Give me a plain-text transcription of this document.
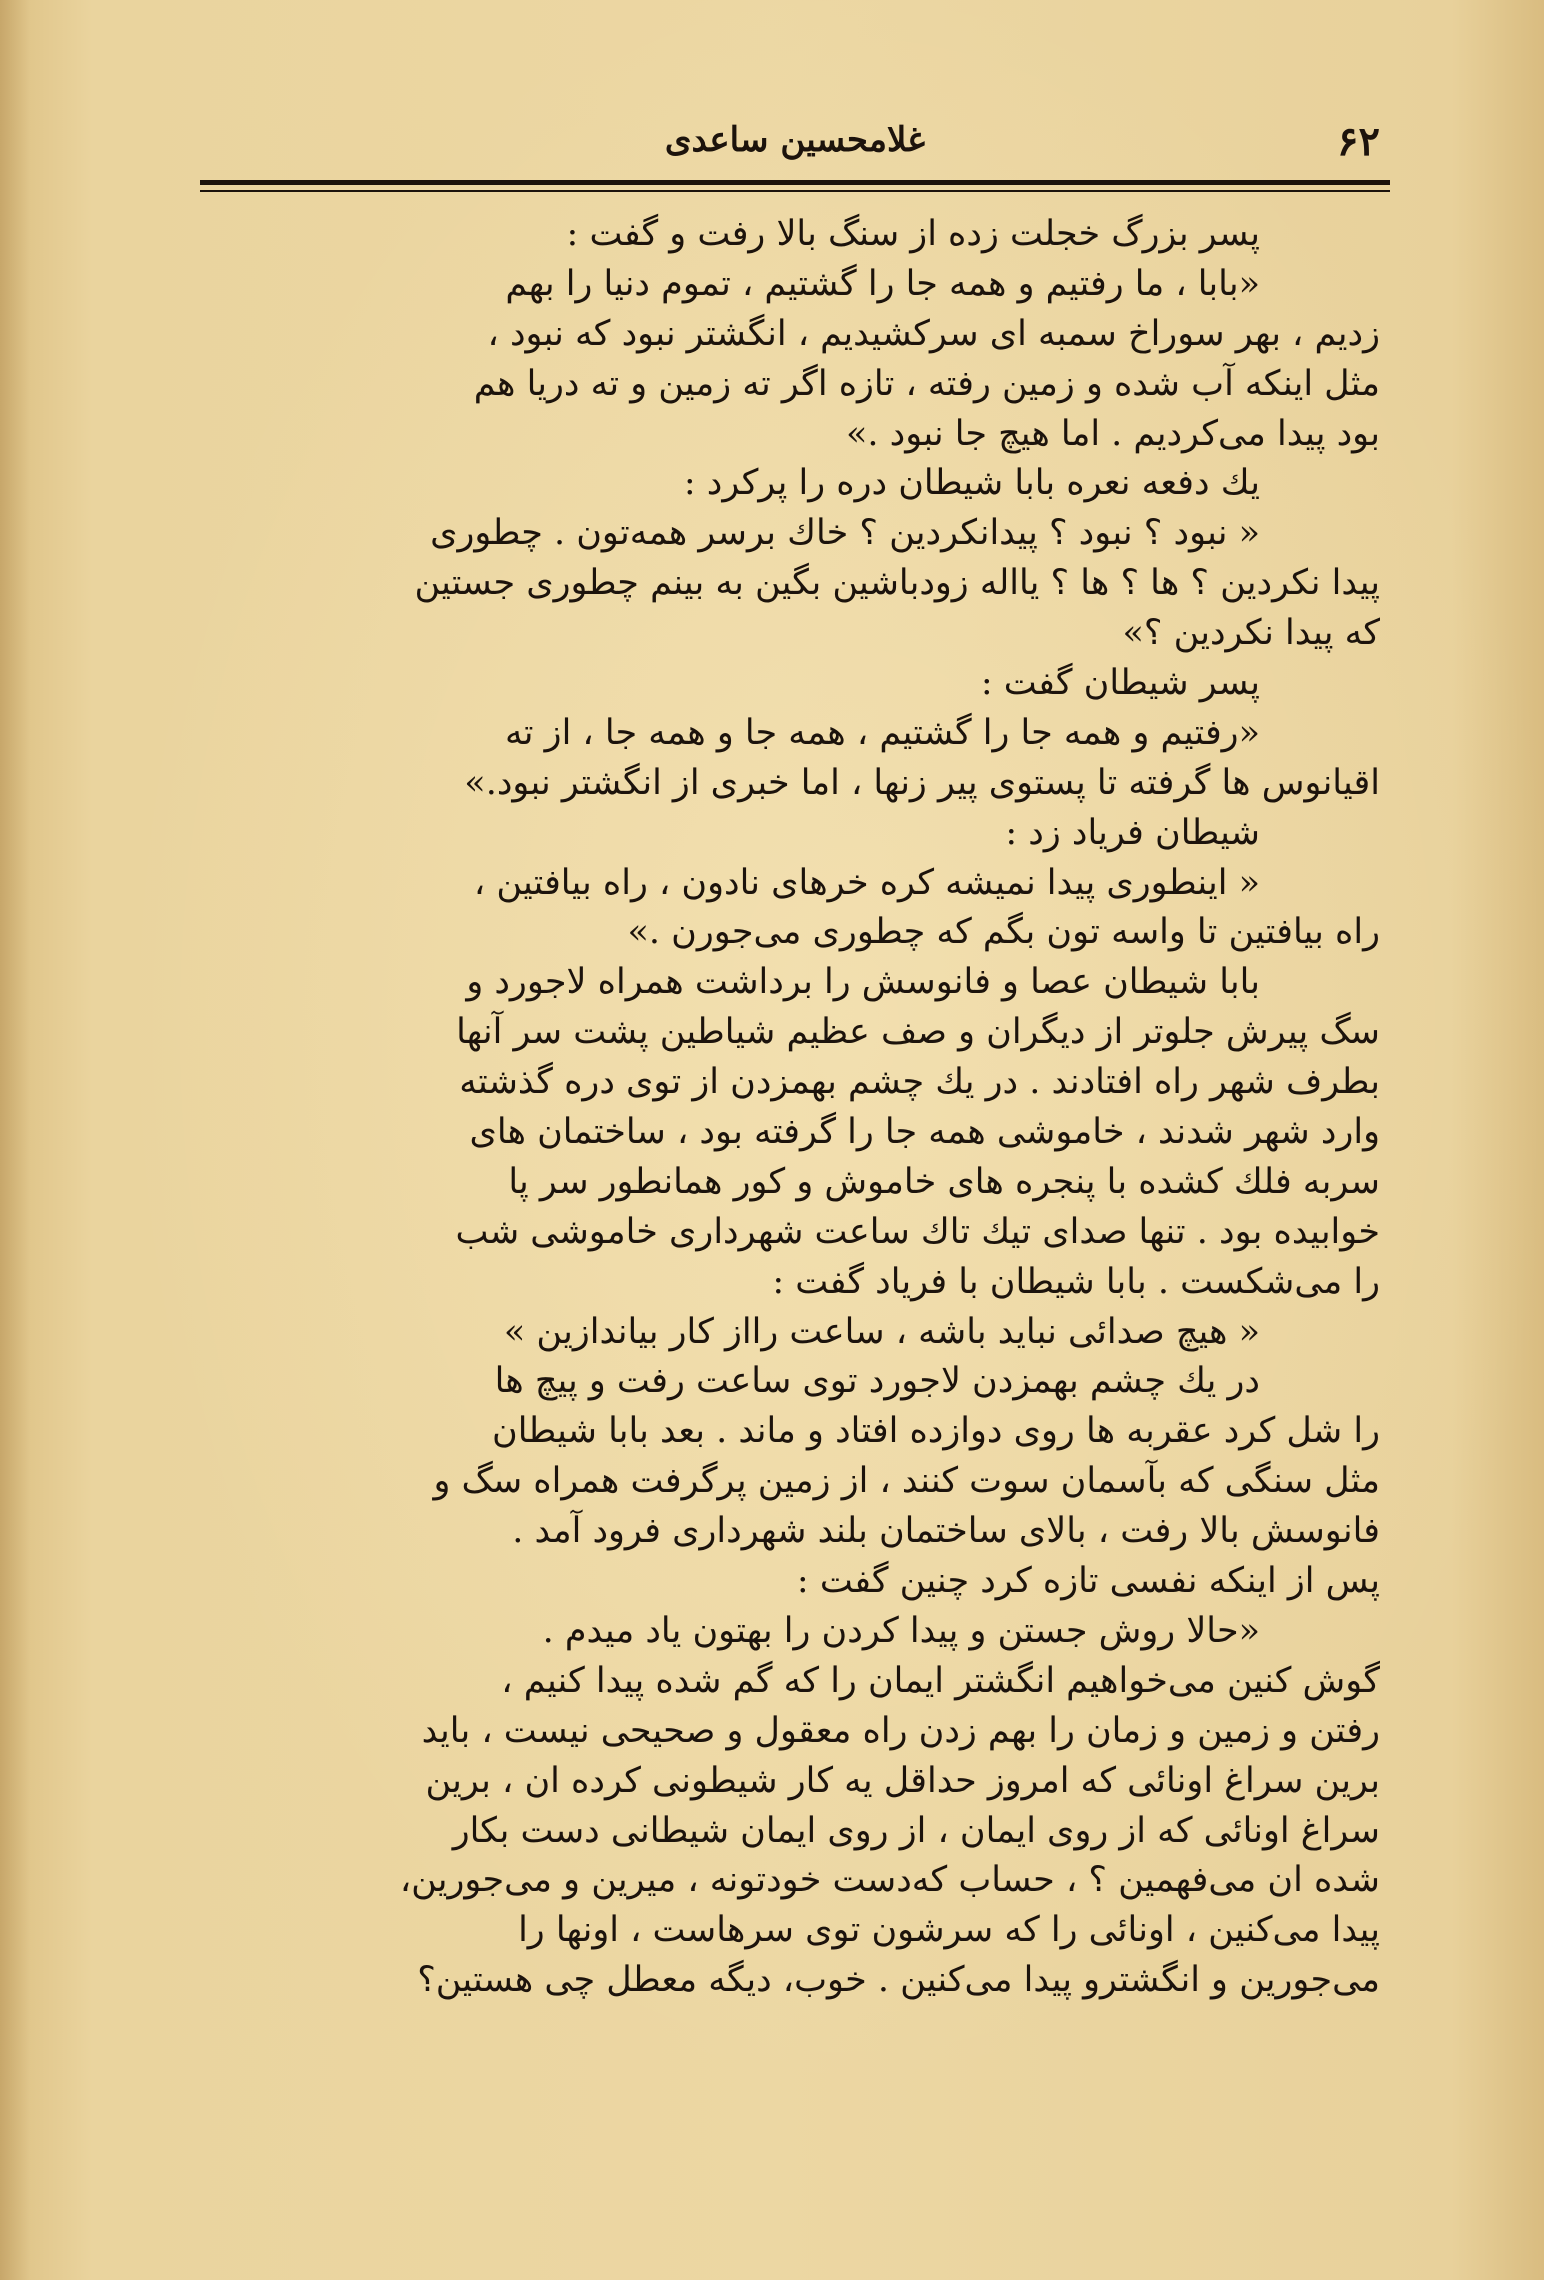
۶۲
غلامحسین ساعدی
پسر بزرگ خجلت زده از سنگ بالا رفت و گفت :
«بابا ، ما رفتیم و همه جا را گشتیم ، تموم دنیا را بهم
زدیم ، بهر سوراخ سمبه ای سرکشیدیم ، انگشتر نبود که نبود ،
مثل اینکه آب شده و زمین رفته ، تازه اگر ته زمین و ته دریا هم
بود پیدا می‌کردیم . اما هیچ جا نبود .»
یك دفعه نعره بابا شیطان دره را پرکرد :
« نبود ؟ نبود ؟ پیدانکردین ؟ خاك برسر همه‌تون . چطوری
پیدا نکردین ؟ ها ؟ ها ؟ یااله زودباشین بگین به بینم چطوری جستین
که پیدا نکردین ؟»
پسر شیطان گفت :
«رفتیم و همه جا را گشتیم ، همه جا و همه جا ، از ته
اقیانوس ها گرفته تا پستوی پیر زنها ، اما خبری از انگشتر نبود.»
شیطان فریاد زد :
« اینطوری پیدا نمیشه کره خرهای نادون ، راه بیافتین ،
راه بیافتین تا واسه تون بگم که چطوری می‌جورن .»
بابا شیطان عصا و فانوسش را برداشت همراه لاجورد و
سگ پیرش جلوتر از دیگران و صف عظیم شیاطین پشت سر آنها
بطرف شهر راه افتادند . در یك چشم بهمزدن از توی دره گذشته
وارد شهر شدند ، خاموشی همه جا را گرفته بود ، ساختمان های
سربه فلك کشده با پنجره های خاموش و کور همانطور سر پا
خوابیده بود . تنها صدای تیك تاك ساعت شهرداری خاموشی شب
را می‌شکست . بابا شیطان با فریاد گفت :
« هیچ صدائی نباید باشه ، ساعت رااز کار بیاندازین »
در یك چشم بهمزدن لاجورد توی ساعت رفت و پیچ ها
را شل کرد عقربه ها روی دوازده افتاد و ماند . بعد بابا شیطان
مثل سنگی که بآسمان سوت کنند ، از زمین پرگرفت همراه سگ و
فانوسش بالا رفت ، بالای ساختمان بلند شهرداری فرود آمد .
پس از اینکه نفسی تازه کرد چنین گفت :
«حالا روش جستن و پیدا کردن را بهتون یاد میدم .
گوش کنین می‌خواهیم انگشتر ایمان را که گم شده پیدا کنیم ،
رفتن و زمین و زمان را بهم زدن راه معقول و صحیحی نیست ، باید
برین سراغ اونائی که امروز حداقل یه کار شیطونی کرده ان ، برین
سراغ اونائی که از روی ایمان ، از روی ایمان شیطانی دست بکار
شده ان می‌فهمین ؟ ، حساب که‌دست خودتونه ، میرین و می‌جورین،
پیدا می‌کنین ، اونائی را که سرشون توی سرهاست ، اونها را
می‌جورین و انگشترو پیدا می‌کنین . خوب، دیگه معطل چی هستین؟
